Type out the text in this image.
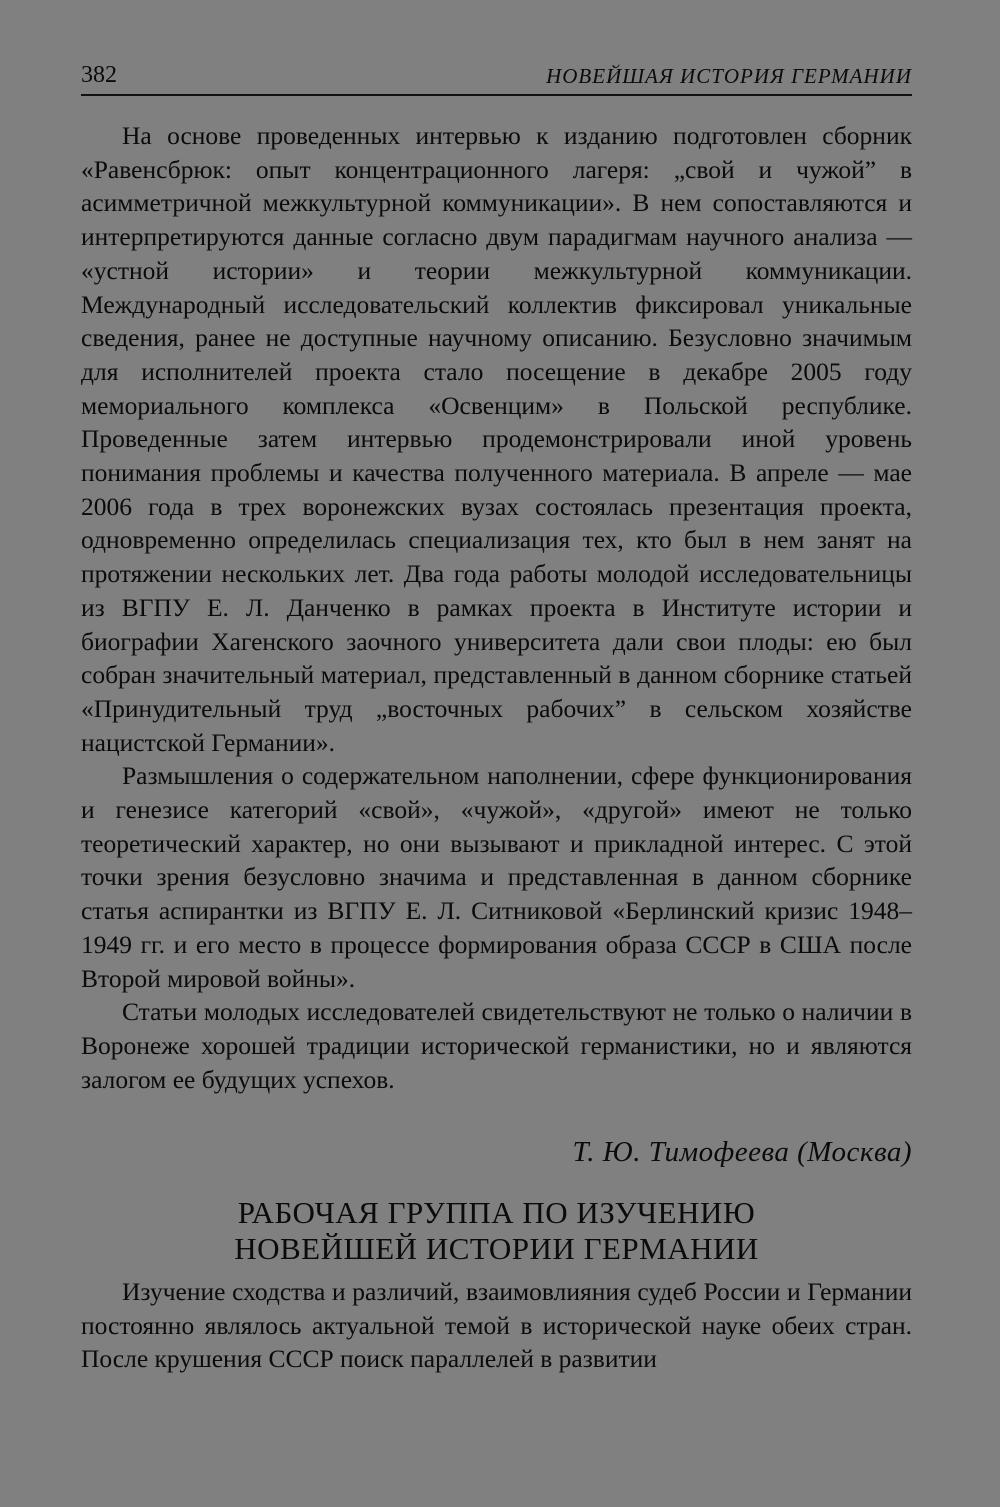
382	НОВЕЙШАЯ ИСТОРИЯ ГЕРМАНИИ

На основе проведенных интервью к изданию подготовлен сборник «Равенсбрюк: опыт концентрационного лагеря: „свой и чужой” в асимметричной межкультурной коммуникации». В нем сопоставляются и интерпретируются данные согласно двум парадигмам научного анализа — «устной истории» и теории межкультурной коммуникации. Международный исследовательский коллектив фиксировал уникальные сведения, ранее не доступные научному описанию. Безусловно значимым для исполнителей проекта стало посещение в декабре 2005 году мемориального комплекса «Освенцим» в Польской республике. Проведенные затем интервью продемонстрировали иной уровень понимания проблемы и качества полученного материала. В апреле — мае 2006 года в трех воронежских вузах состоялась презентация проекта, одновременно определилась специализация тех, кто был в нем занят на протяжении нескольких лет. Два года работы молодой исследовательницы из ВГПУ Е. Л. Данченко в рамках проекта в Институте истории и биографии Хагенского заочного университета дали свои плоды: ею был собран значительный материал, представленный в данном сборнике статьей «Принудительный труд „восточных рабочих” в сельском хозяйстве нацистской Германии».

Размышления о содержательном наполнении, сфере функционирования и генезисе категорий «свой», «чужой», «другой» имеют не только теоретический характер, но они вызывают и прикладной интерес. С этой точки зрения безусловно значима и представленная в данном сборнике статья аспирантки из ВГПУ Е. Л. Ситниковой «Берлинский кризис 1948–1949 гг. и его место в процессе формирования образа СССР в США после Второй мировой войны».

Статьи молодых исследователей свидетельствуют не только о наличии в Воронеже хорошей традиции исторической германистики, но и являются залогом ее будущих успехов.

Т. Ю. Тимофеева (Москва)
РАБОЧАЯ ГРУППА ПО ИЗУЧЕНИЮ
НОВЕЙШЕЙ ИСТОРИИ ГЕРМАНИИ

Изучение сходства и различий, взаимовлияния судеб России и Германии постоянно являлось актуальной темой в исторической науке обеих стран. После крушения СССР поиск параллелей в развитии
